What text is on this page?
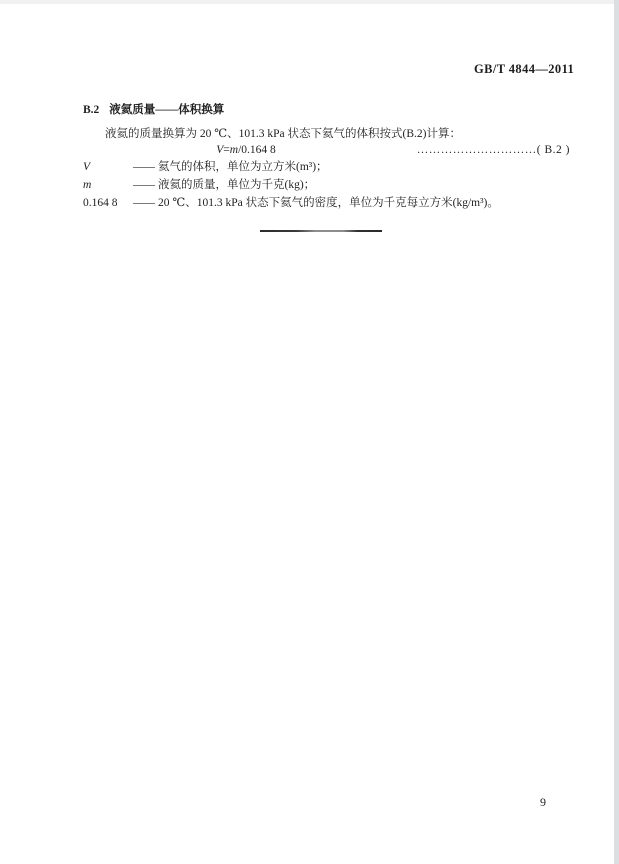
GB/T 4844—2011
B.2 液氦质量——体积换算

液氦的质量换算为 20 ℃、101.3 kPa 状态下氦气的体积按式(B.2)计算：

V=m/0.164 8	…………………………( B.2 )
V	—— 氦气的体积，单位为立方米(m³)；
m	—— 液氦的质量，单位为千克(kg)；
0.164 8 —— 20 ℃、101.3 kPa 状态下氦气的密度，单位为千克每立方米(kg/m³)。
9
